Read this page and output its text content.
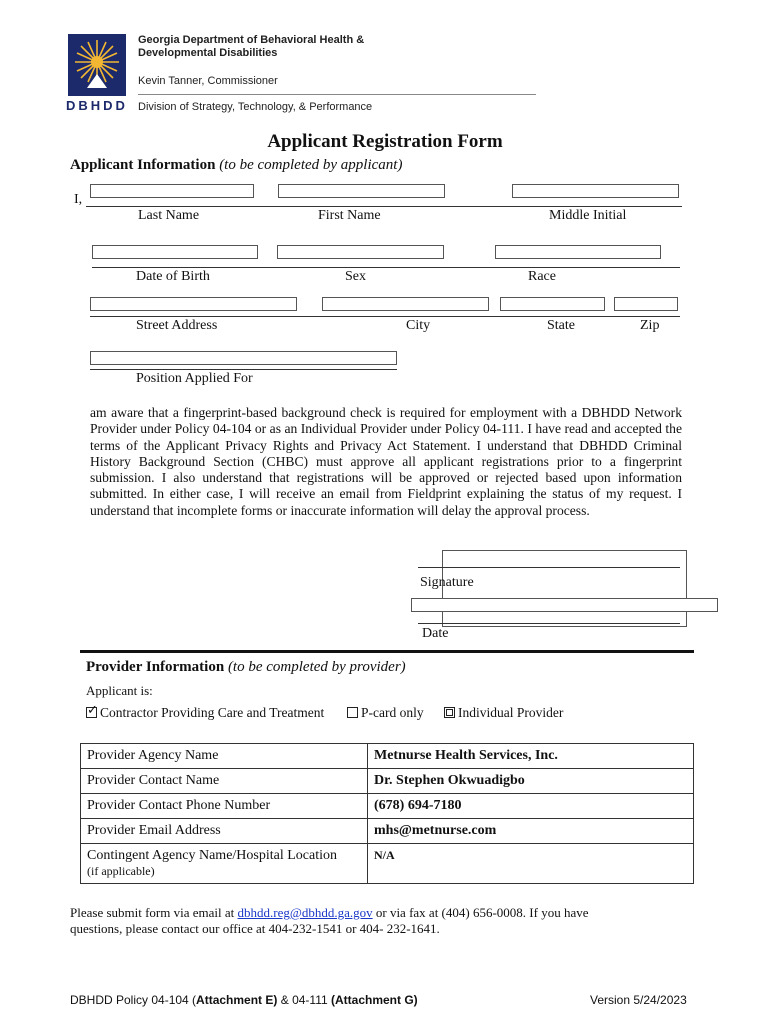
DBHDD
Georgia Department of Behavioral Health &
Developmental Disabilities
Kevin Tanner, Commissioner
Division of Strategy, Technology, & Performance
Applicant Registration Form
Applicant Information (to be completed by applicant)
I,
Last Name	First Name	Middle Initial
Date of Birth	Sex	Race
Street Address	City	State	Zip
Position Applied For
am aware that a fingerprint-based background check is required for employment with a DBHDD Network Provider under Policy 04-104 or as an Individual Provider under Policy 04-111. I have read and accepted the terms of the Applicant Privacy Rights and Privacy Act Statement. I understand that DBHDD Criminal History Background Section (CHBC) must approve all applicant registrations prior to a fingerprint submission. I also understand that registrations will be approved or rejected based upon information submitted. In either case, I will receive an email from Fieldprint explaining the status of my request. I understand that incomplete forms or inaccurate information will delay the approval process.
Signature
Date
Provider Information (to be completed by provider)
Applicant is:
✓Contractor Providing Care and Treatment	P-card only	Individual Provider
Provider Agency Name	Metnurse Health Services, Inc.
Provider Contact Name	Dr. Stephen Okwuadigbo
Provider Contact Phone Number	(678) 694-7180
Provider Email Address	mhs@metnurse.com

Contingent Agency Name/Hospital Location
(if applicable)	N/A
Please submit form via email at dbhdd.reg@dbhdd.ga.gov or via fax at (404) 656-0008. If you have questions, please contact our office at 404-232-1541 or 404- 232-1641.
DBHDD Policy 04-104 (Attachment E) & 04-111 (Attachment G)	Version 5/24/2023
